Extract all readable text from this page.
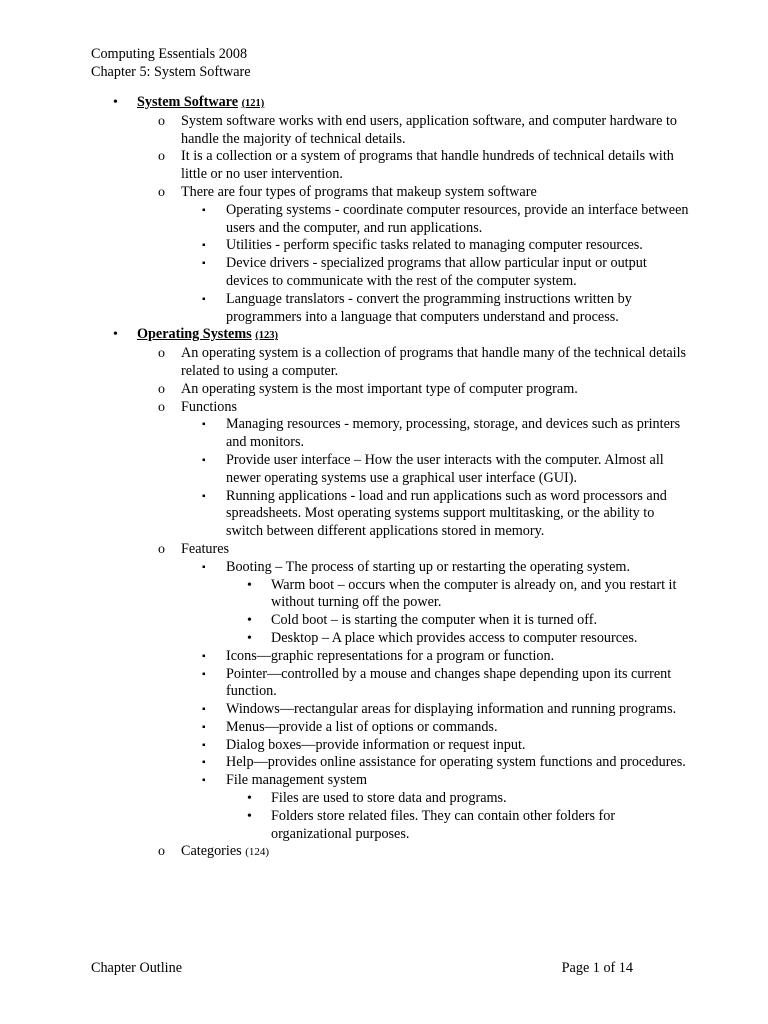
Computing Essentials 2008
Chapter 5: System Software
• System Software (121)
o System software works with end users, application software, and computer hardware to handle the majority of technical details.
o It is a collection or a system of programs that handle hundreds of technical details with little or no user intervention.
o There are four types of programs that makeup system software
▪ Operating systems - coordinate computer resources, provide an interface between users and the computer, and run applications.
▪ Utilities - perform specific tasks related to managing computer resources.
▪ Device drivers - specialized programs that allow particular input or output devices to communicate with the rest of the computer system.
▪ Language translators - convert the programming instructions written by programmers into a language that computers understand and process.
• Operating Systems (123)
o An operating system is a collection of programs that handle many of the technical details related to using a computer.
o An operating system is the most important type of computer program.
o Functions
▪ Managing resources - memory, processing, storage, and devices such as printers and monitors.
▪ Provide user interface – How the user interacts with the computer. Almost all newer operating systems use a graphical user interface (GUI).
▪ Running applications - load and run applications such as word processors and spreadsheets. Most operating systems support multitasking, or the ability to switch between different applications stored in memory.
o Features
▪ Booting – The process of starting up or restarting the operating system.
• Warm boot – occurs when the computer is already on, and you restart it without turning off the power.
• Cold boot – is starting the computer when it is turned off.
• Desktop – A place which provides access to computer resources.
▪ Icons—graphic representations for a program or function.
▪ Pointer—controlled by a mouse and changes shape depending upon its current function.
▪ Windows—rectangular areas for displaying information and running programs.
▪ Menus—provide a list of options or commands.
▪ Dialog boxes—provide information or request input.
▪ Help—provides online assistance for operating system functions and procedures.
▪ File management system
• Files are used to store data and programs.
• Folders store related files. They can contain other folders for organizational purposes.
o Categories (124)
Chapter Outline	Page 1 of 14
